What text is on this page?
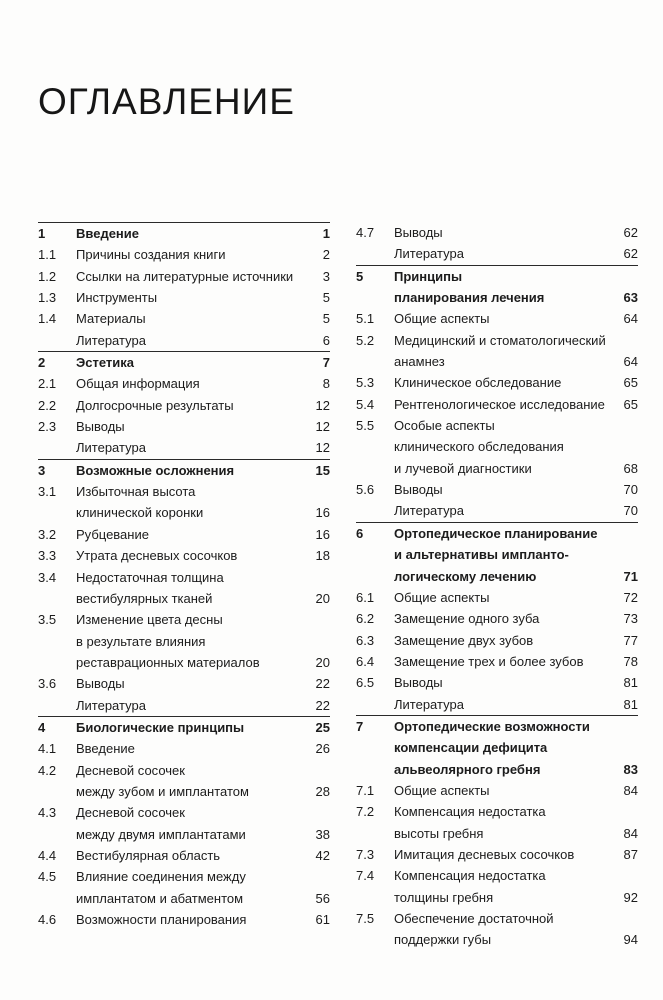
ОГЛАВЛЕНИЕ
1	Введение	1
1.1	Причины создания книги	2
1.2	Ссылки на литературные источники	3
1.3	Инструменты	5
1.4	Материалы	5
Литература	6
2	Эстетика	7
2.1	Общая информация	8
2.2	Долгосрочные результаты	12
2.3	Выводы	12
Литература	12
3	Возможные осложнения	15
3.1	Избыточная высота
клинической коронки	16
3.2	Рубцевание	16
3.3	Утрата десневых сосочков	18
3.4	Недостаточная толщина
вестибулярных тканей	20
3.5	Изменение цвета десны
в результате влияния
реставрационных материалов	20
3.6	Выводы	22
Литература	22
4	Биологические принципы	25
4.1	Введение	26
4.2	Десневой сосочек
между зубом и имплантатом	28
4.3	Десневой сосочек
между двумя имплантатами	38
4.4	Вестибулярная область	42
4.5	Влияние соединения между
имплантатом и абатментом	56
4.6	Возможности планирования	61
4.7	Выводы	62
Литература	62
5	Принципы
планирования лечения	63
5.1	Общие аспекты	64
5.2	Медицинский и стоматологический
анамнез	64
5.3	Клиническое обследование	65
5.4	Рентгенологическое исследование	65
5.5	Особые аспекты
клинического обследования
и лучевой диагностики	68
5.6	Выводы	70
Литература	70
6	Ортопедическое планирование
и альтернативы импланто-
логическому лечению	71
6.1	Общие аспекты	72
6.2	Замещение одного зуба	73
6.3	Замещение двух зубов	77
6.4	Замещение трех и более зубов	78
6.5	Выводы	81
Литература	81
7	Ортопедические возможности
компенсации дефицита
альвеолярного гребня	83
7.1	Общие аспекты	84
7.2	Компенсация недостатка
высоты гребня	84
7.3	Имитация десневых сосочков	87
7.4	Компенсация недостатка
толщины гребня	92
7.5	Обеспечение достаточной
поддержки губы	94
